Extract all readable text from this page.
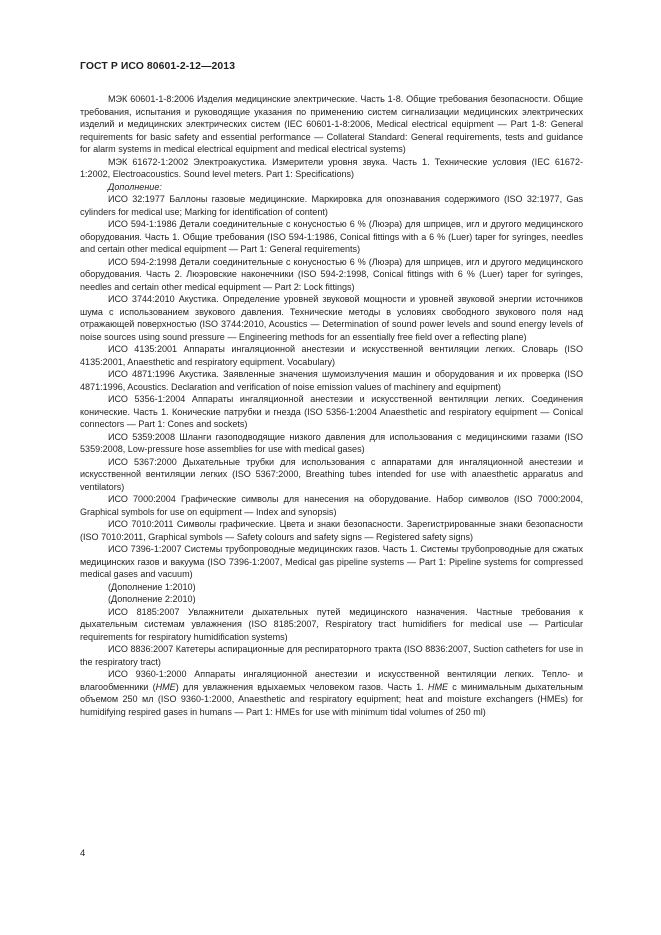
ГОСТ Р ИСО 80601-2-12—2013

МЭК 60601-1-8:2006 Изделия медицинские электрические. Часть 1-8. Общие требования безопасности. Общие требования, испытания и руководящие указания по применению систем сигнализации медицинских электрических изделий и медицинских электрических систем (IEC 60601-1-8:2006, Medical electrical equipment — Part 1-8: General requirements for basic safety and essential performance — Collateral Standard: General requirements, tests and guidance for alarm systems in medical electrical equipment and medical electrical systems)

МЭК 61672-1:2002 Электроакустика. Измерители уровня звука. Часть 1. Технические условия (IEC 61672-1:2002, Electroacoustics. Sound level meters. Part 1: Specifications)

Дополнение:

ИСО 32:1977 Баллоны газовые медицинские. Маркировка для опознавания содержимого (ISO 32:1977, Gas cylinders for medical use; Marking for identification of content)

ИСО 594-1:1986 Детали соединительные с конусностью 6 % (Люэра) для шприцев, игл и другого медицинского оборудования. Часть 1. Общие требования (ISO 594-1:1986, Conical fittings with a 6 % (Luer) taper for syringes, needles and certain other medical equipment — Part 1: General requirements)

ИСО 594-2:1998 Детали соединительные с конусностью 6 % (Люэра) для шприцев, игл и другого медицинского оборудования. Часть 2. Люэровские наконечники (ISO 594-2:1998, Conical fittings with 6 % (Luer) taper for syringes, needles and certain other medical equipment — Part 2: Lock fittings)

ИСО 3744:2010 Акустика. Определение уровней звуковой мощности и уровней звуковой энергии источников шума с использованием звукового давления. Технические методы в условиях свободного звукового поля над отражающей поверхностью (ISO 3744:2010, Acoustics — Determination of sound power levels and sound energy levels of noise sources using sound pressure — Engineering methods for an essentially free field over a reflecting plane)

ИСО 4135:2001 Аппараты ингаляционной анестезии и искусственной вентиляции легких. Словарь (ISO 4135:2001, Anaesthetic and respiratory equipment. Vocabulary)

ИСО 4871:1996 Акустика. Заявленные значения шумоизлучения машин и оборудования и их проверка (ISO 4871:1996, Acoustics. Declaration and verification of noise emission values of machinery and equipment)

ИСО 5356-1:2004 Аппараты ингаляционной анестезии и искусственной вентиляции легких. Соединения конические. Часть 1. Конические патрубки и гнезда (ISO 5356-1:2004 Anaesthetic and respiratory equipment — Conical connectors — Part 1: Cones and sockets)

ИСО 5359:2008 Шланги газоподводящие низкого давления для использования с медицинскими газами (ISO 5359:2008, Low-pressure hose assemblies for use with medical gases)

ИСО 5367:2000 Дыхательные трубки для использования с аппаратами для ингаляционной анестезии и искусственной вентиляции легких (ISO 5367:2000, Breathing tubes intended for use with anaesthetic apparatus and ventilators)

ИСО 7000:2004 Графические символы для нанесения на оборудование. Набор символов (ISO 7000:2004, Graphical symbols for use on equipment — Index and synopsis)

ИСО 7010:2011 Символы графические. Цвета и знаки безопасности. Зарегистрированные знаки безопасности (ISO 7010:2011, Graphical symbols — Safety colours and safety signs — Registered safety signs)

ИСО 7396-1:2007 Системы трубопроводные медицинских газов. Часть 1. Системы трубопроводные для сжатых медицинских газов и вакуума (ISO 7396-1:2007, Medical gas pipeline systems — Part 1: Pipeline systems for compressed medical gases and vacuum)

(Дополнение 1:2010)

(Дополнение 2:2010)

ИСО 8185:2007 Увлажнители дыхательных путей медицинского назначения. Частные требования к дыхательным системам увлажнения (ISO 8185:2007, Respiratory tract humidifiers for medical use — Particular requirements for respiratory humidification systems)

ИСО 8836:2007 Катетеры аспирационные для респираторного тракта (ISO 8836:2007, Suction catheters for use in the respiratory tract)

ИСО 9360-1:2000 Аппараты ингаляционной анестезии и искусственной вентиляции легких. Тепло- и влагообменники (HME) для увлажнения вдыхаемых человеком газов. Часть 1. HME с минимальным дыхательным объемом 250 мл (ISO 9360-1:2000, Anaesthetic and respiratory equipment; heat and moisture exchangers (HMEs) for humidifying respired gases in humans — Part 1: HMEs for use with minimum tidal volumes of 250 ml)

4
